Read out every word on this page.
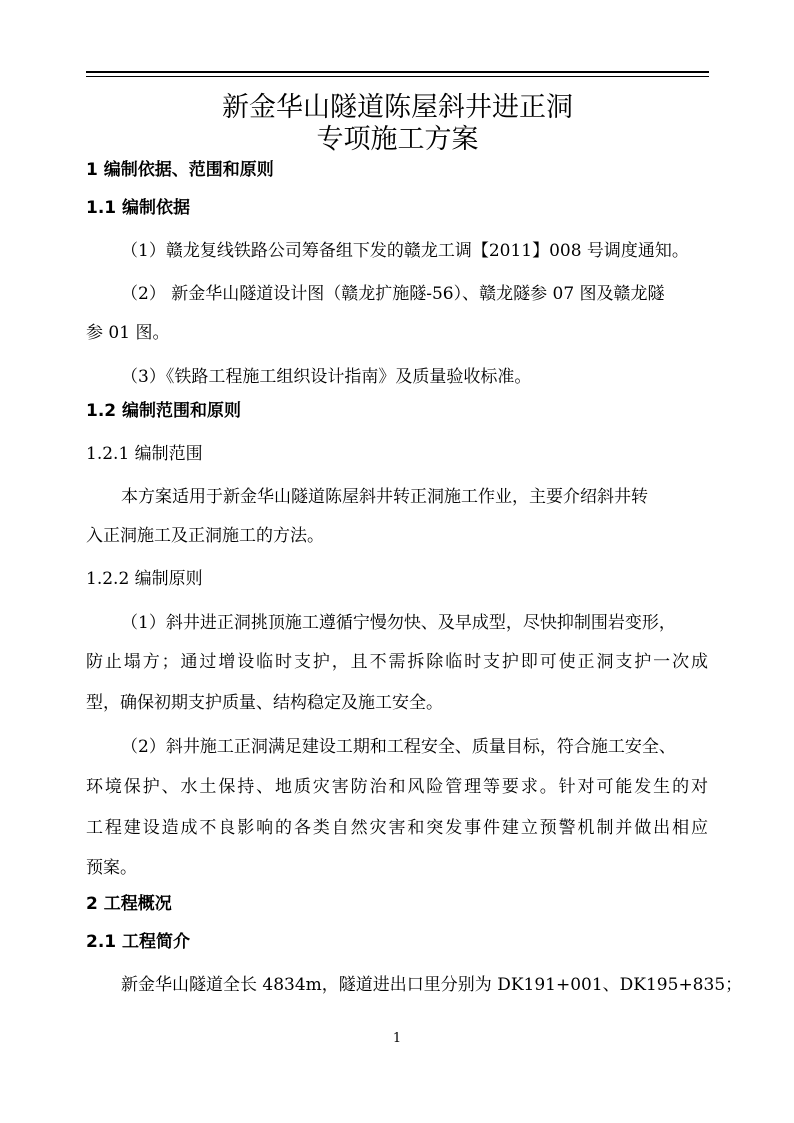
新金华山隧道陈屋斜井进正洞
专项施工方案
1 编制依据、范围和原则
1.1 编制依据
（1）赣龙复线铁路公司筹备组下发的赣龙工调【2011】008 号调度通知。
（2） 新金华山隧道设计图（赣龙扩施隧-56）、赣龙隧参 07 图及赣龙隧
参 01 图。
（3）《铁路工程施工组织设计指南》及质量验收标准。
1.2 编制范围和原则
1.2.1 编制范围
本方案适用于新金华山隧道陈屋斜井转正洞施工作业，主要介绍斜井转
入正洞施工及正洞施工的方法。
1.2.2 编制原则
（1）斜井进正洞挑顶施工遵循宁慢勿快、及早成型，尽快抑制围岩变形，
防止塌方；通过增设临时支护，且不需拆除临时支护即可使正洞支护一次成
型，确保初期支护质量、结构稳定及施工安全。
（2）斜井施工正洞满足建设工期和工程安全、质量目标，符合施工安全、
环境保护、水土保持、地质灾害防治和风险管理等要求。针对可能发生的对
工程建设造成不良影响的各类自然灾害和突发事件建立预警机制并做出相应
预案。
2 工程概况
2.1 工程简介
新金华山隧道全长 4834m，隧道进出口里分别为 DK191+001、DK195+835；
1
